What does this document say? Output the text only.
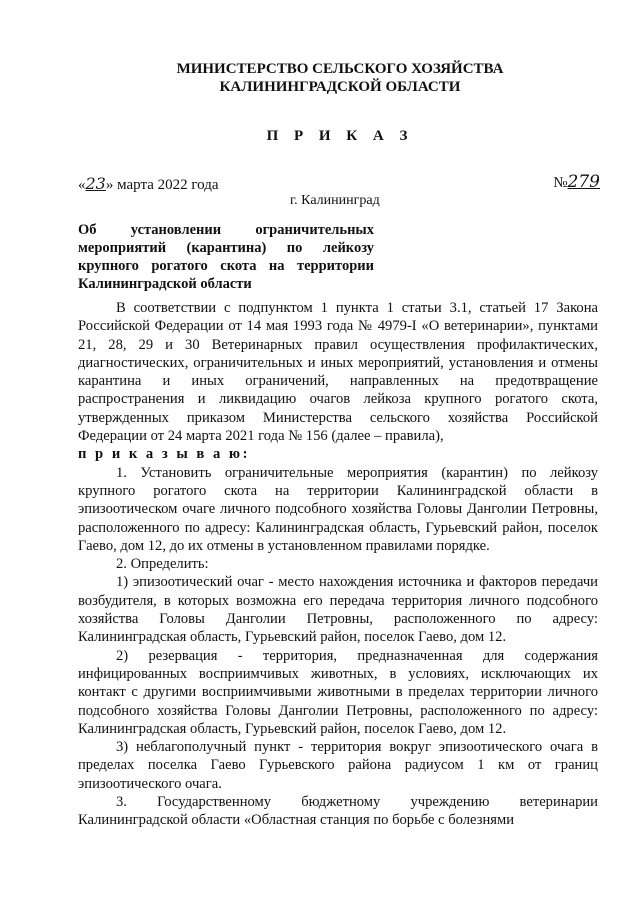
МИНИСТЕРСТВО СЕЛЬСКОГО ХОЗЯЙСТВА
КАЛИНИНГРАДСКОЙ ОБЛАСТИ
П Р И К А З
«23» марта 2022 года	№279
г. Калининград

Об установлении ограничительных

мероприятий (карантина) по лейкозу

крупного рогатого скота на территории

Калининградской области

В соответствии с подпунктом 1 пункта 1 статьи 3.1, статьей 17 Закона Российской Федерации от 14 мая 1993 года № 4979-I «О ветеринарии», пунктами 21, 28, 29 и 30 Ветеринарных правил осуществления профилактических, диагностических, ограничительных и иных мероприятий, установления и отмены карантина и иных ограничений, направленных на предотвращение распространения и ликвидацию очагов лейкоза крупного рогатого скота, утвержденных приказом Министерства сельского хозяйства Российской Федерации от 24 марта 2021 года № 156 (далее – правила),

п р и к а з ы в а ю:

1. Установить ограничительные мероприятия (карантин) по лейкозу крупного рогатого скота на территории Калининградской области в эпизоотическом очаге личного подсобного хозяйства Головы Данголии Петровны, расположенного по адресу: Калининградская область, Гурьевский район, поселок Гаево, дом 12, до их отмены в установленном правилами порядке.

2. Определить:

1) эпизоотический очаг - место нахождения источника и факторов передачи возбудителя, в которых возможна его передача территория личного подсобного хозяйства Головы Данголии Петровны, расположенного по адресу: Калининградская область, Гурьевский район, поселок Гаево, дом 12.

2) резервация - территория, предназначенная для содержания инфицированных восприимчивых животных, в условиях, исключающих их контакт с другими восприимчивыми животными в пределах территории личного подсобного хозяйства Головы Данголии Петровны, расположенного по адресу: Калининградская область, Гурьевский район, поселок Гаево, дом 12.

3) неблагополучный пункт - территория вокруг эпизоотического очага в пределах поселка Гаево Гурьевского района радиусом 1 км от границ эпизоотического очага.

3. Государственному бюджетному учреждению ветеринарии Калининградской области «Областная станция по борьбе с болезнями
